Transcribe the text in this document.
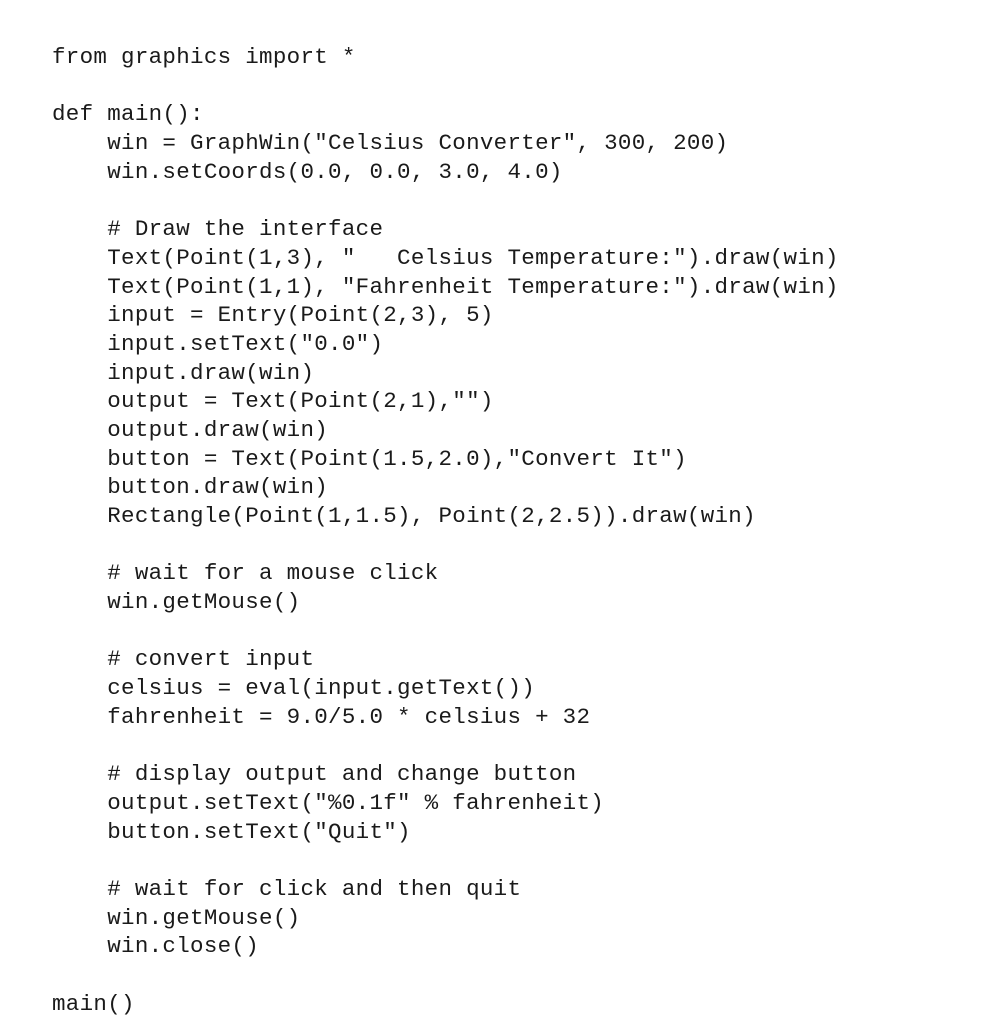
from graphics import *
def main():
win = GraphWin("Celsius Converter", 300, 200)
win.setCoords(0.0, 0.0, 3.0, 4.0)
# Draw the interface
Text(Point(1,3), "   Celsius Temperature:").draw(win)
Text(Point(1,1), "Fahrenheit Temperature:").draw(win)
input = Entry(Point(2,3), 5)
input.setText("0.0")
input.draw(win)
output = Text(Point(2,1),"")
output.draw(win)
button = Text(Point(1.5,2.0),"Convert It")
button.draw(win)
Rectangle(Point(1,1.5), Point(2,2.5)).draw(win)
# wait for a mouse click
win.getMouse()
# convert input
celsius = eval(input.getText())
fahrenheit = 9.0/5.0 * celsius + 32
# display output and change button
output.setText("%0.1f" % fahrenheit)
button.setText("Quit")
# wait for click and then quit
win.getMouse()
win.close()
main()
